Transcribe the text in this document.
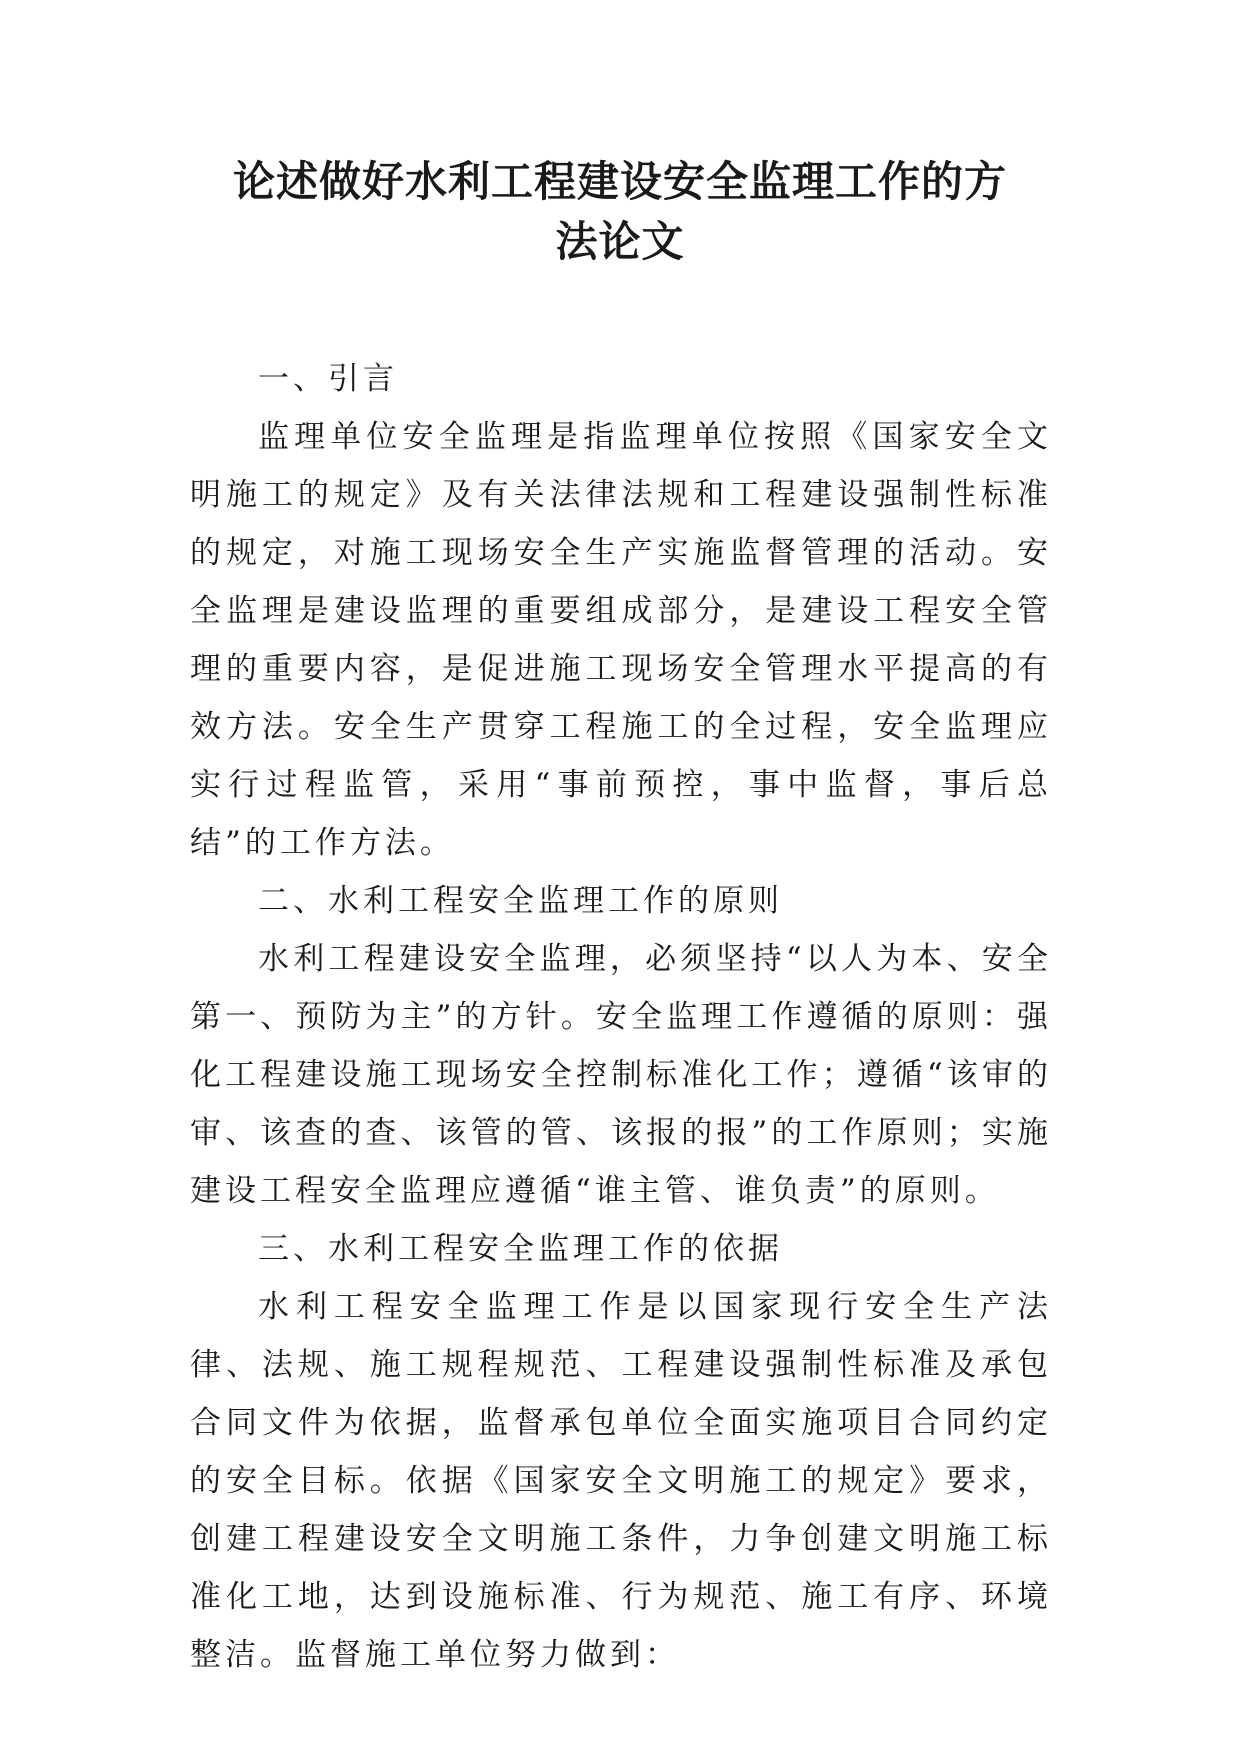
论述做好水利工程建设安全监理工作的方
法论文

一、引言

监理单位安全监理是指监理单位按照《国家安全文明施工的规定》及有关法律法规和工程建设强制性标准的规定，对施工现场安全生产实施监督管理的活动。安全监理是建设监理的重要组成部分，是建设工程安全管理的重要内容，是促进施工现场安全管理水平提高的有效方法。安全生产贯穿工程施工的全过程，安全监理应实行过程监管，采用“事前预控，事中监督，事后总结”的工作方法。

二、水利工程安全监理工作的原则

水利工程建设安全监理，必须坚持“以人为本、安全第一、预防为主”的方针。安全监理工作遵循的原则：强化工程建设施工现场安全控制标准化工作；遵循“该审的审、该查的查、该管的管、该报的报”的工作原则；实施建设工程安全监理应遵循“谁主管、谁负责”的原则。

三、水利工程安全监理工作的依据

水利工程安全监理工作是以国家现行安全生产法律、法规、施工规程规范、工程建设强制性标准及承包合同文件为依据，监督承包单位全面实施项目合同约定的安全目标。依据《国家安全文明施工的规定》要求，创建工程建设安全文明施工条件，力争创建文明施工标准化工地，达到设施标准、行为规范、施工有序、环境整洁。监督施工单位努力做到：
